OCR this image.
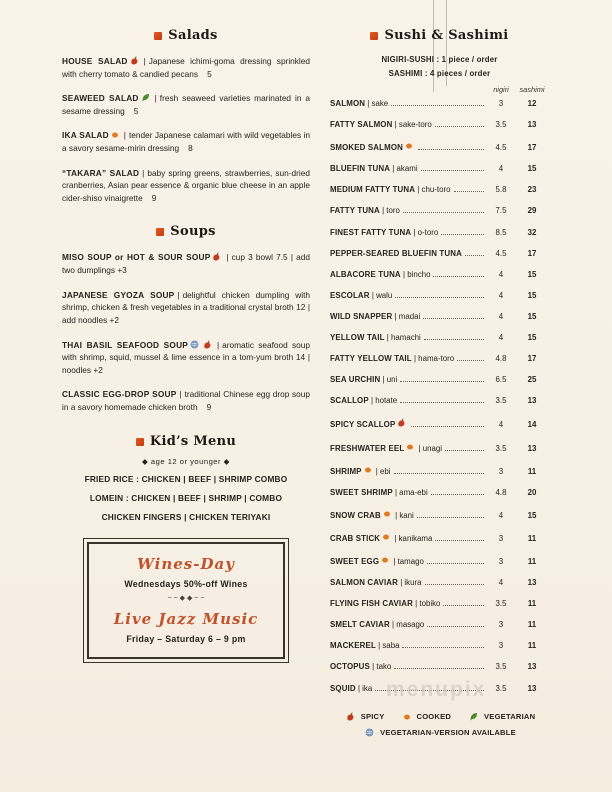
Salads

HOUSE SALAD | Japanese ichimi-goma dressing sprinkled with cherry tomato & candied pecans 5

SEAWEED SALAD | fresh seaweed varieties marinated in a sesame dressing 5

IKA SALAD | tender Japanese calamari with wild vegetables in a savory sesame-mirin dressing 8

“TAKARA” SALAD | baby spring greens, strawberries, sun-dried cranberries, Asian pear essence & organic blue cheese in an apple cider-shiso vinaigrette 9

Soups

MISO SOUP or HOT & SOUR SOUP | cup 3 bowl 7.5 | add two dumplings +3

JAPANESE GYOZA SOUP | delightful chicken dumpling with shrimp, chicken & fresh vegetables in a traditional crystal broth 12 | add noodles +2

THAI BASIL SEAFOOD SOUP	| aromatic seafood soup with shrimp, squid, mussel & lime essence in a tom-yum broth 14 | noodles +2

CLASSIC EGG-DROP SOUP | traditional Chinese egg drop soup in a savory homemade chicken broth 9

Kid’s Menu
◆ age 12 or younger ◆
FRIED RICE : CHICKEN | BEEF | SHRIMP COMBO
LOMEIN : CHICKEN | BEEF | SHRIMP | COMBO
CHICKEN FINGERS | CHICKEN TERIYAKI
Wines-Day
Wednesdays 50%-off Wines
~ ~ ◆ ◆ ~ ~
Live Jazz Music
Friday – Saturday 6 – 9 pm
Sushi & Sashimi
NIGIRI-SUSHI : 1 piece / order
SASHIMI : 4 pieces / order
nigiri	sashimi
SALMON | sake	3	12
FATTY SALMON | sake-toro	3.5	13
SMOKED SALMON	4.5	17
BLUEFIN TUNA | akami	4	15
MEDIUM FATTY TUNA | chu-toro	5.8	23
FATTY TUNA | toro	7.5	29
FINEST FATTY TUNA | o-toro	8.5	32
PEPPER-SEARED BLUEFIN TUNA	4.5	17
ALBACORE TUNA | bincho	4	15
ESCOLAR | walu	4	15
WILD SNAPPER | madai	4	15
YELLOW TAIL | hamachi	4	15
FATTY YELLOW TAIL | hama-toro	4.8	17
SEA URCHIN | uni	6.5	25
SCALLOP | hotate	3.5	13
SPICY SCALLOP	4	14
FRESHWATER EEL | unagi	3.5	13
SHRIMP | ebi	3	11
SWEET SHRIMP | ama-ebi	4.8	20
SNOW CRAB | kani	4	15
CRAB STICK | kanikama	3	11
SWEET EGG | tamago	3	11
SALMON CAVIAR | ikura	4	13
FLYING FISH CAVIAR | tobiko	3.5	11
SMELT CAVIAR | masago	3	11
MACKEREL | saba	3	11
OCTOPUS | tako	3.5	13
SQUID | ika	3.5	13
SPICY	COOKED	VEGETARIAN
VEGETARIAN-VERSION AVAILABLE
menupix
